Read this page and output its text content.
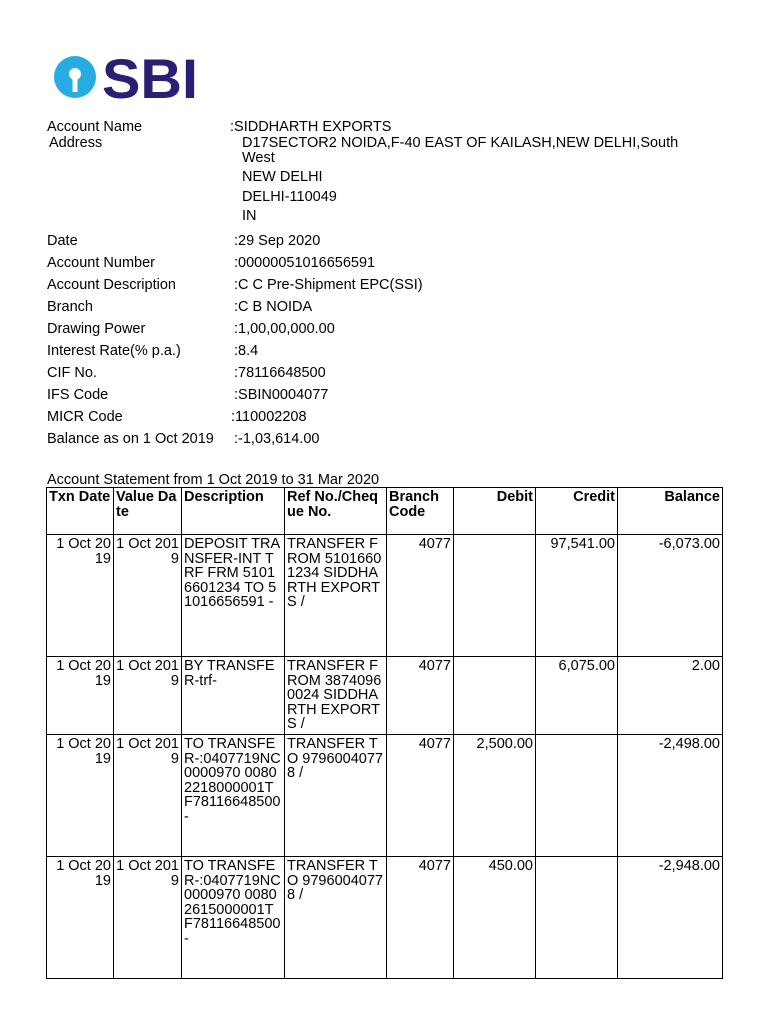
SBI
Account Name	:SIDDHARTH EXPORTS
Address	D17SECTOR2 NOIDA,F-40 EAST OF KAILASH,NEW DELHI,South
West
NEW DELHI
DELHI-110049
IN
Date	:29 Sep 2020
Account Number	:00000051016656591
Account Description	:C C Pre-Shipment EPC(SSI)
Branch	:C B NOIDA
Drawing Power	:1,00,00,000.00
Interest Rate(% p.a.)	:8.4
CIF No.	:78116648500
IFS Code	:SBIN0004077
MICR Code	:110002208
Balance as on 1 Oct 2019 :-1,03,614.00
Account Statement from 1 Oct 2019 to 31 Mar 2020
Txn Date	Value Date	Description	Ref No./Cheque No.	Branch Code	Debit	Credit	Balance
1 Oct 2019	1 Oct 2019	DEPOSIT TRANSFER-INT TRF FRM 51016601234 TO 51016656591 -	TRANSFER FROM 51016601234 SIDDHARTH EXPORTS /	4077		97,541.00	-6,073.00
1 Oct 2019	1 Oct 2019	BY TRANSFER-trf-	TRANSFER FROM 38740960024 SIDDHARTH EXPORTS /	4077		6,075.00	2.00
1 Oct 2019	1 Oct 2019	TO TRANSFER-:0407719NC0000970 00802218000001TF78116648500-	TRANSFER TO 97960040778 /	4077	2,500.00		-2,498.00
1 Oct 2019	1 Oct 2019	TO TRANSFER-:0407719NC0000970 00802615000001TF78116648500-	TRANSFER TO 97960040778 /	4077	450.00		-2,948.00
